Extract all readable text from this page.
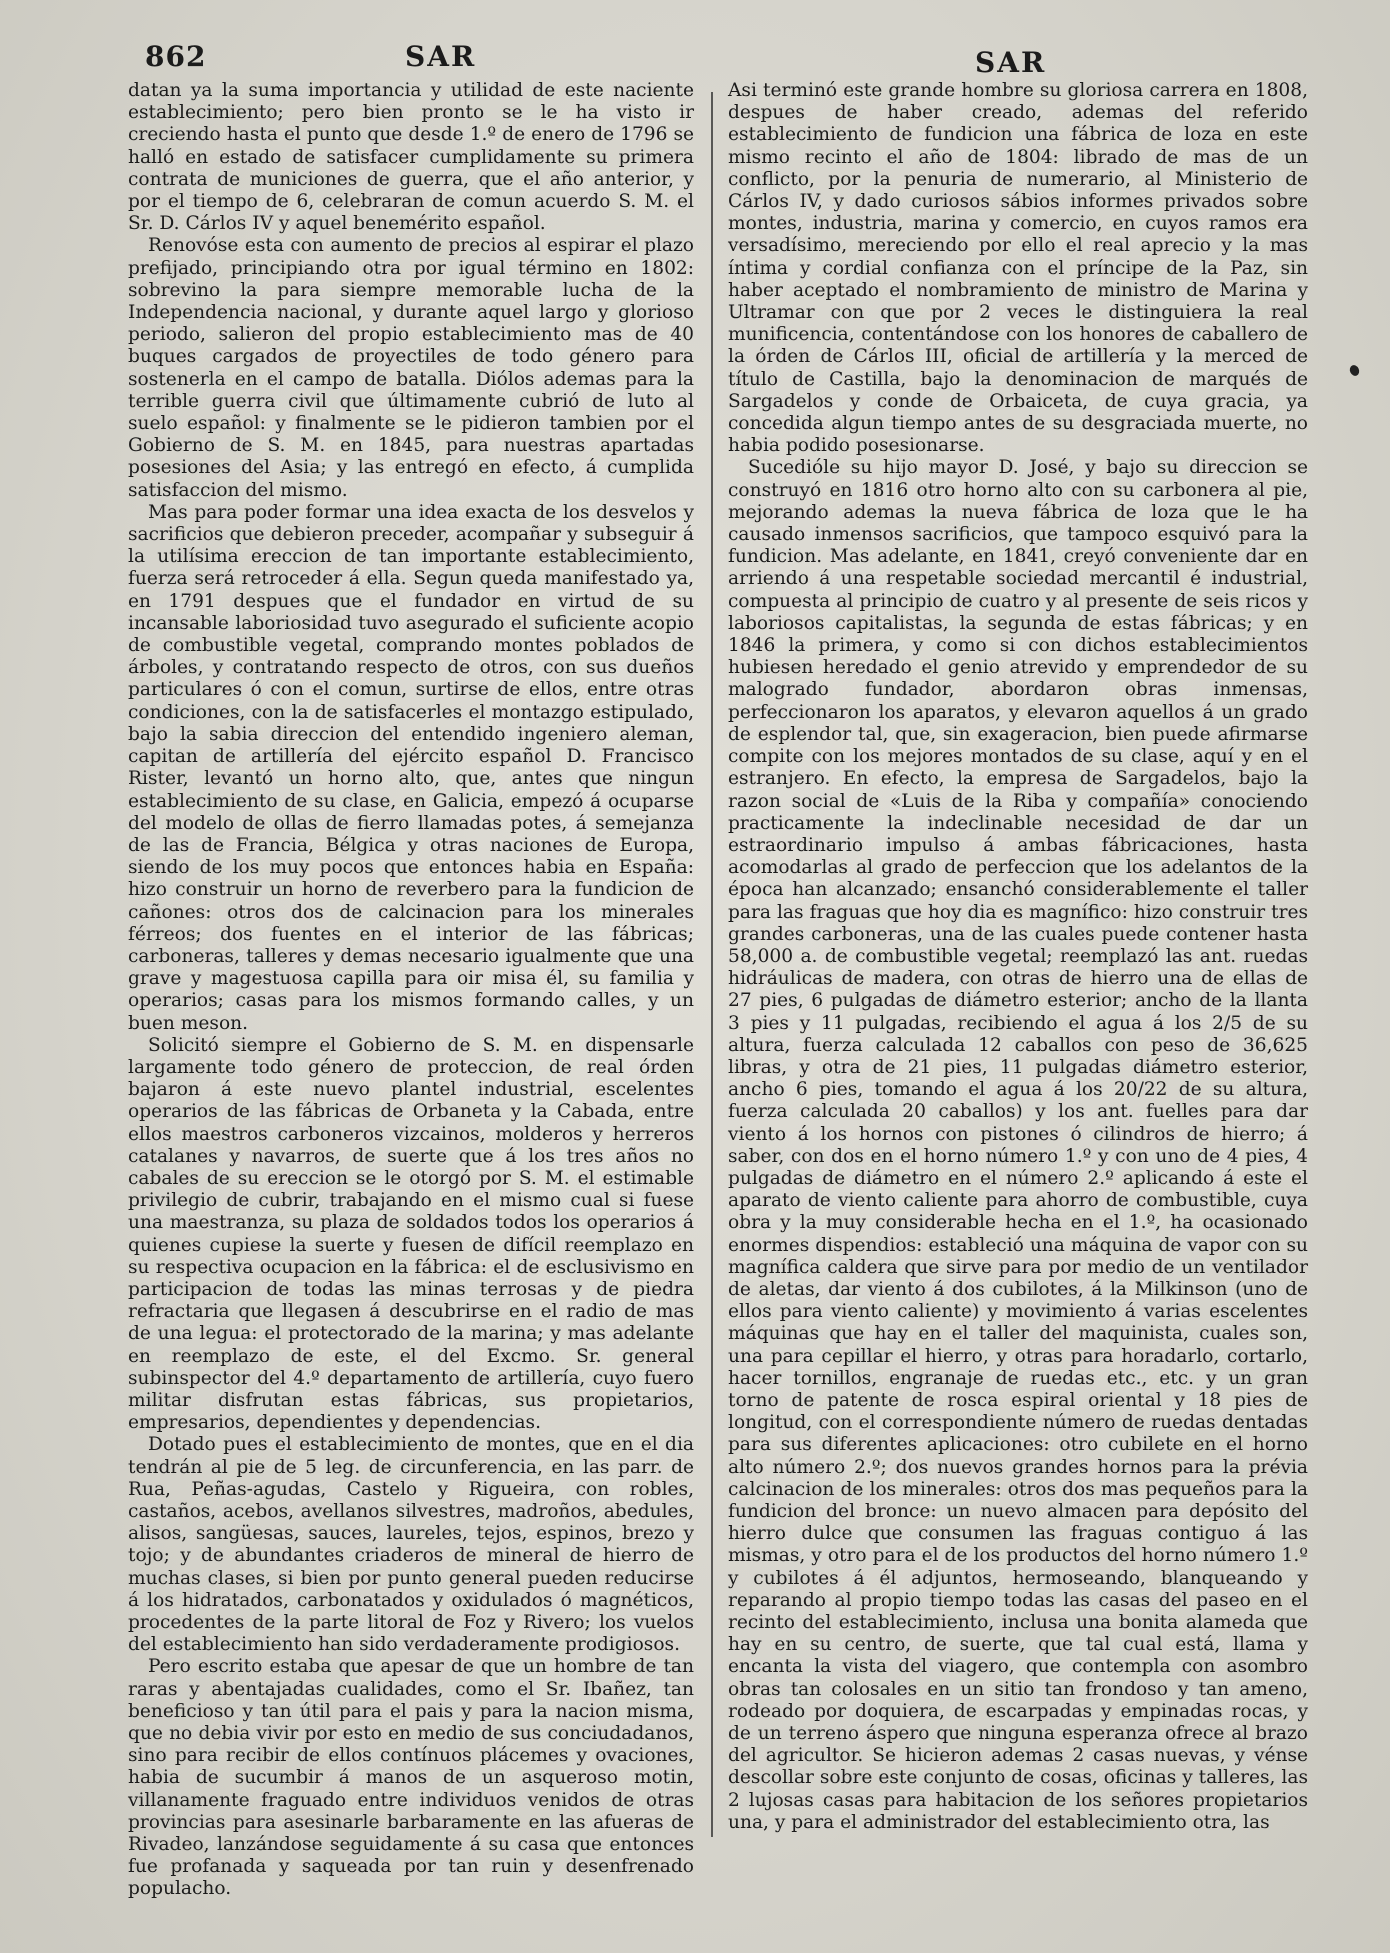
862	SAR	SAR

datan ya la suma importancia y utilidad de este naciente establecimiento; pero bien pronto se le ha visto ir creciendo hasta el punto que desde 1.º de enero de 1796 se halló en estado de satisfacer cumplidamente su primera contrata de municiones de guerra, que el año anterior, y por el tiempo de 6, celebraran de comun acuerdo S. M. el Sr. D. Cárlos IV y aquel benemérito español.

Renovóse esta con aumento de precios al espirar el plazo prefijado, principiando otra por igual término en 1802: sobrevino la para siempre memorable lucha de la Independencia nacional, y durante aquel largo y glorioso periodo, salieron del propio establecimiento mas de 40 buques cargados de proyectiles de todo género para sostenerla en el campo de batalla. Diólos ademas para la terrible guerra civil que últimamente cubrió de luto al suelo español: y finalmente se le pidieron tambien por el Gobierno de S. M. en 1845, para nuestras apartadas posesiones del Asia; y las entregó en efecto, á cumplida satisfaccion del mismo.

Mas para poder formar una idea exacta de los desvelos y sacrificios que debieron preceder, acompañar y subseguir á la utilísima ereccion de tan importante establecimiento, fuerza será retroceder á ella. Segun queda manifestado ya, en 1791 despues que el fundador en virtud de su incansable laboriosidad tuvo asegurado el suficiente acopio de combustible vegetal, comprando montes poblados de árboles, y contratando respecto de otros, con sus dueños particulares ó con el comun, surtirse de ellos, entre otras condiciones, con la de satisfacerles el montazgo estipulado, bajo la sabia direccion del entendido ingeniero aleman, capitan de artillería del ejército español D. Francisco Rister, levantó un horno alto, que, antes que ningun establecimiento de su clase, en Galicia, empezó á ocuparse del modelo de ollas de fierro llamadas potes, á semejanza de las de Francia, Bélgica y otras naciones de Europa, siendo de los muy pocos que entonces habia en España: hizo construir un horno de reverbero para la fundicion de cañones: otros dos de calcinacion para los minerales férreos; dos fuentes en el interior de las fábricas; carboneras, talleres y demas necesario igualmente que una grave y magestuosa capilla para oir misa él, su familia y operarios; casas para los mismos formando calles, y un buen meson.

Solicitó siempre el Gobierno de S. M. en dispensarle largamente todo género de proteccion, de real órden bajaron á este nuevo plantel industrial, escelentes operarios de las fábricas de Orbaneta y la Cabada, entre ellos maestros carboneros vizcainos, molderos y herreros catalanes y navarros, de suerte que á los tres años no cabales de su ereccion se le otorgó por S. M. el estimable privilegio de cubrir, trabajando en el mismo cual si fuese una maestranza, su plaza de soldados todos los operarios á quienes cupiese la suerte y fuesen de difícil reemplazo en su respectiva ocupacion en la fábrica: el de esclusivismo en participacion de todas las minas terrosas y de piedra refractaria que llegasen á descubrirse en el radio de mas de una legua: el protectorado de la marina; y mas adelante en reemplazo de este, el del Excmo. Sr. general subinspector del 4.º departamento de artillería, cuyo fuero militar disfrutan estas fábricas, sus propietarios, empresarios, dependientes y dependencias.

Dotado pues el establecimiento de montes, que en el dia tendrán al pie de 5 leg. de circunferencia, en las parr. de Rua, Peñas-agudas, Castelo y Rigueira, con robles, castaños, acebos, avellanos silvestres, madroños, abedules, alisos, sangüesas, sauces, laureles, tejos, espinos, brezo y tojo; y de abundantes criaderos de mineral de hierro de muchas clases, si bien por punto general pueden reducirse á los hidratados, carbonatados y oxidulados ó magnéticos, procedentes de la parte litoral de Foz y Rivero; los vuelos del establecimiento han sido verdaderamente prodigiosos.

Pero escrito estaba que apesar de que un hombre de tan raras y abentajadas cualidades, como el Sr. Ibañez, tan beneficioso y tan útil para el pais y para la nacion misma, que no debia vivir por esto en medio de sus conciudadanos, sino para recibir de ellos contínuos plácemes y ovaciones, habia de sucumbir á manos de un asqueroso motin, villanamente fraguado entre individuos venidos de otras provincias para asesinarle barbaramente en las afueras de Rivadeo, lanzándose seguidamente á su casa que entonces fue profanada y saqueada por tan ruin y desenfrenado populacho.

Asi terminó este grande hombre su gloriosa carrera en 1808, despues de haber creado, ademas del referido establecimiento de fundicion una fábrica de loza en este mismo recinto el año de 1804: librado de mas de un conflicto, por la penuria de numerario, al Ministerio de Cárlos IV, y dado curiosos sábios informes privados sobre montes, industria, marina y comercio, en cuyos ramos era versadísimo, mereciendo por ello el real aprecio y la mas íntima y cordial confianza con el príncipe de la Paz, sin haber aceptado el nombramiento de ministro de Marina y Ultramar con que por 2 veces le distinguiera la real munificencia, contentándose con los honores de caballero de la órden de Cárlos III, oficial de artillería y la merced de título de Castilla, bajo la denominacion de marqués de Sargadelos y conde de Orbaiceta, de cuya gracia, ya concedida algun tiempo antes de su desgraciada muerte, no habia podido posesionarse.

Sucedióle su hijo mayor D. José, y bajo su direccion se construyó en 1816 otro horno alto con su carbonera al pie, mejorando ademas la nueva fábrica de loza que le ha causado inmensos sacrificios, que tampoco esquivó para la fundicion. Mas adelante, en 1841, creyó conveniente dar en arriendo á una respetable sociedad mercantil é industrial, compuesta al principio de cuatro y al presente de seis ricos y laboriosos capitalistas, la segunda de estas fábricas; y en 1846 la primera, y como si con dichos establecimientos hubiesen heredado el genio atrevido y emprendedor de su malogrado fundador, abordaron obras inmensas, perfeccionaron los aparatos, y elevaron aquellos á un grado de esplendor tal, que, sin exageracion, bien puede afirmarse compite con los mejores montados de su clase, aquí y en el estranjero. En efecto, la empresa de Sargadelos, bajo la razon social de «Luis de la Riba y compañía» conociendo practicamente la indeclinable necesidad de dar un estraordinario impulso á ambas fábricaciones, hasta acomodarlas al grado de perfeccion que los adelantos de la época han alcanzado; ensanchó considerablemente el taller para las fraguas que hoy dia es magnífico: hizo construir tres grandes carboneras, una de las cuales puede contener hasta 58,000 a. de combustible vegetal; reemplazó las ant. ruedas hidráulicas de madera, con otras de hierro una de ellas de 27 pies, 6 pulgadas de diámetro esterior; ancho de la llanta 3 pies y 11 pulgadas, recibiendo el agua á los 2/5 de su altura, fuerza calculada 12 caballos con peso de 36,625 libras, y otra de 21 pies, 11 pulgadas diámetro esterior, ancho 6 pies, tomando el agua á los 20/22 de su altura, fuerza calculada 20 caballos) y los ant. fuelles para dar viento á los hornos con pistones ó cilindros de hierro; á saber, con dos en el horno número 1.º y con uno de 4 pies, 4 pulgadas de diámetro en el número 2.º aplicando á este el aparato de viento caliente para ahorro de combustible, cuya obra y la muy considerable hecha en el 1.º, ha ocasionado enormes dispendios: estableció una máquina de vapor con su magnífica caldera que sirve para por medio de un ventilador de aletas, dar viento á dos cubilotes, á la Milkinson (uno de ellos para viento caliente) y movimiento á varias escelentes máquinas que hay en el taller del maquinista, cuales son, una para cepillar el hierro, y otras para horadarlo, cortarlo, hacer tornillos, engranaje de ruedas etc., etc. y un gran torno de patente de rosca espiral oriental y 18 pies de longitud, con el correspondiente número de ruedas dentadas para sus diferentes aplicaciones: otro cubilete en el horno alto número 2.º; dos nuevos grandes hornos para la prévia calcinacion de los minerales: otros dos mas pequeños para la fundicion del bronce: un nuevo almacen para depósito del hierro dulce que consumen las fraguas contiguo á las mismas, y otro para el de los productos del horno número 1.º y cubilotes á él adjuntos, hermoseando, blanqueando y reparando al propio tiempo todas las casas del paseo en el recinto del establecimiento, inclusa una bonita alameda que hay en su centro, de suerte, que tal cual está, llama y encanta la vista del viagero, que contempla con asombro obras tan colosales en un sitio tan frondoso y tan ameno, rodeado por doquiera, de escarpadas y empinadas rocas, y de un terreno áspero que ninguna esperanza ofrece al brazo del agricultor. Se hicieron ademas 2 casas nuevas, y vénse descollar sobre este conjunto de cosas, oficinas y talleres, las 2 lujosas casas para habitacion de los señores propietarios una, y para el administrador del establecimiento otra, las
